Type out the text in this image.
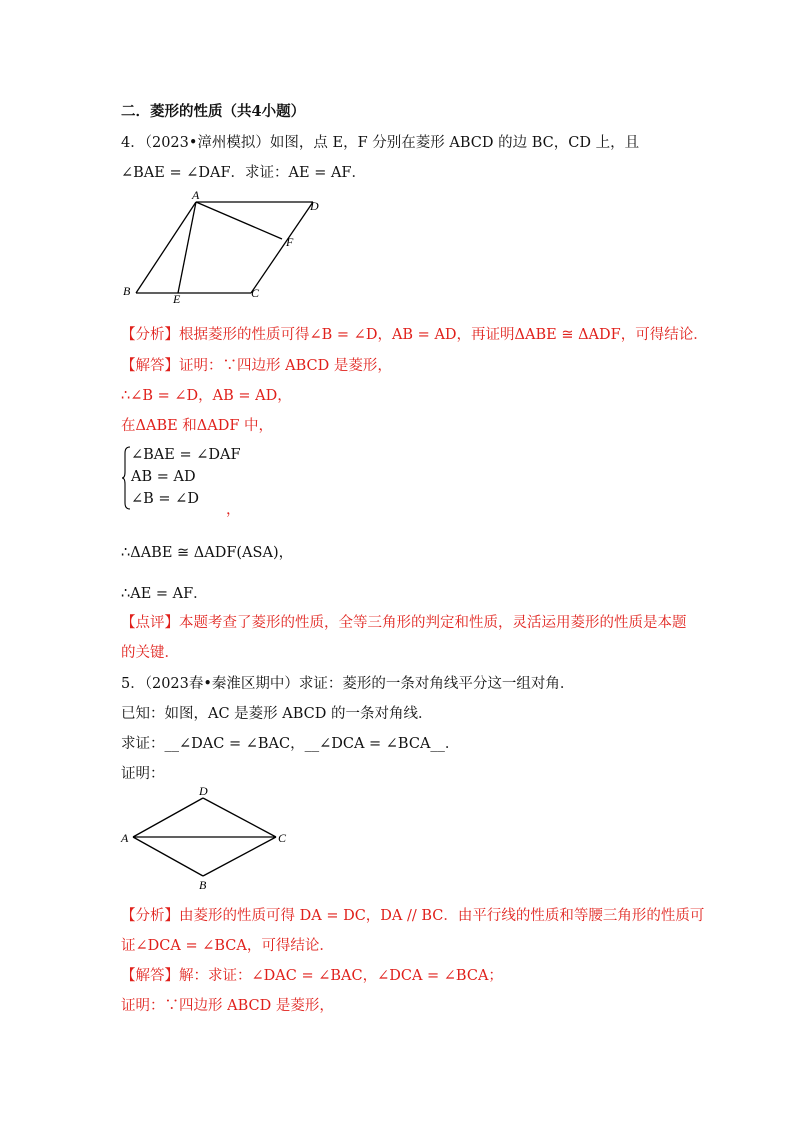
二．菱形的性质（共4小题）
4．（2023•漳州模拟）如图，点 E，F 分别在菱形 ABCD 的边 BC，CD 上，且
∠BAE = ∠DAF．求证：AE = AF．
A
D
F
B
E	C
【分析】根据菱形的性质可得∠B = ∠D，AB = AD，再证明ΔABE ≅ ΔADF，可得结论．
【解答】证明：∵四边形 ABCD 是菱形，
∴∠B = ∠D，AB = AD，
在ΔABE 和ΔADF 中，
∠BAE = ∠DAF
AB = AD
∠B = ∠D
，
∴ΔABE ≅ ΔADF(ASA)，
∴AE = AF．
【点评】本题考查了菱形的性质，全等三角形的判定和性质，灵活运用菱形的性质是本题
的关键．
5．（2023春•秦淮区期中）求证：菱形的一条对角线平分这一组对角．
已知：如图，AC 是菱形 ABCD 的一条对角线．
求证：__∠DAC = ∠BAC，__∠DCA = ∠BCA__．
证明：
D
A	C
B
【分析】由菱形的性质可得 DA = DC，DA // BC．由平行线的性质和等腰三角形的性质可
证∠DCA = ∠BCA，可得结论．
【解答】解：求证：∠DAC = ∠BAC，∠DCA = ∠BCA；
证明：∵四边形 ABCD 是菱形，
